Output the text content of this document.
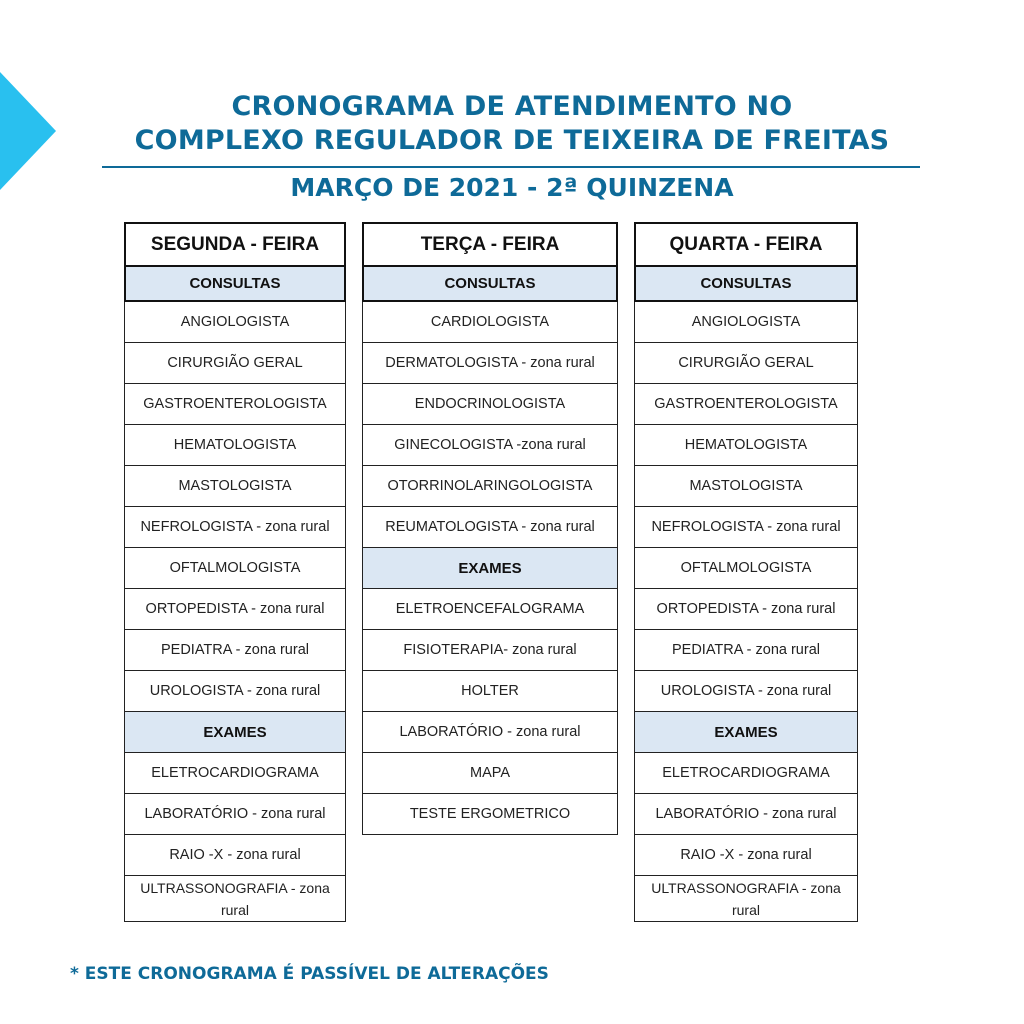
CRONOGRAMA DE ATENDIMENTO NO
COMPLEXO REGULADOR DE TEIXEIRA DE FREITAS
MARÇO DE 2021 - 2ª QUINZENA
SEGUNDA - FEIRA
CONSULTAS
ANGIOLOGISTA
CIRURGIÃO GERAL
GASTROENTEROLOGISTA
HEMATOLOGISTA
MASTOLOGISTA
NEFROLOGISTA - zona rural
OFTALMOLOGISTA
ORTOPEDISTA - zona rural
PEDIATRA - zona rural
UROLOGISTA - zona rural
EXAMES
ELETROCARDIOGRAMA
LABORATÓRIO - zona rural
RAIO -X - zona rural
ULTRASSONOGRAFIA - zona rural
TERÇA - FEIRA
CONSULTAS
CARDIOLOGISTA
DERMATOLOGISTA - zona rural
ENDOCRINOLOGISTA
GINECOLOGISTA -zona rural
OTORRINOLARINGOLOGISTA
REUMATOLOGISTA - zona rural
EXAMES
ELETROENCEFALOGRAMA
FISIOTERAPIA- zona rural
HOLTER
LABORATÓRIO - zona rural
MAPA
TESTE ERGOMETRICO
QUARTA - FEIRA
CONSULTAS
ANGIOLOGISTA
CIRURGIÃO GERAL
GASTROENTEROLOGISTA
HEMATOLOGISTA
MASTOLOGISTA
NEFROLOGISTA - zona rural
OFTALMOLOGISTA
ORTOPEDISTA - zona rural
PEDIATRA - zona rural
UROLOGISTA - zona rural
EXAMES
ELETROCARDIOGRAMA
LABORATÓRIO - zona rural
RAIO -X - zona rural
ULTRASSONOGRAFIA - zona rural
* ESTE CRONOGRAMA É PASSÍVEL DE ALTERAÇÕES
